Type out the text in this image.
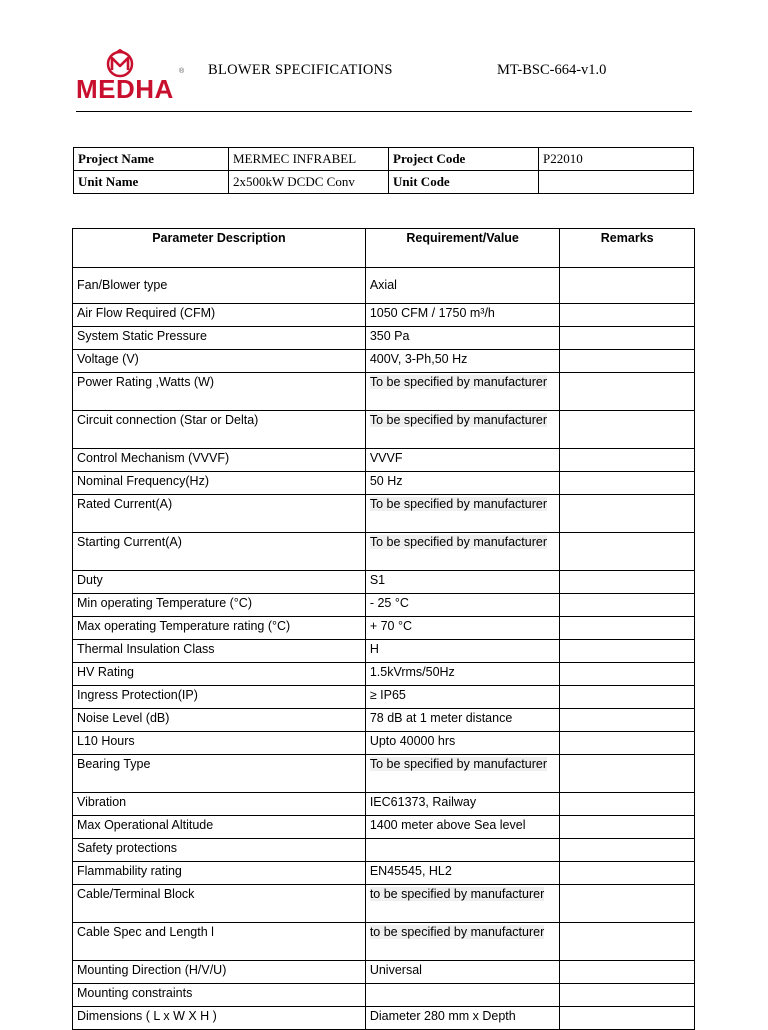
®
MEDHA
BLOWER SPECIFICATIONS	MT-BSC-664-v1.0
Project Name	MERMEC INFRABEL	Project Code	P22010
Unit Name	2x500kW DCDC Conv	Unit Code	
Parameter Description	Requirement/Value	Remarks
Fan/Blower type	Axial	
Air Flow Required (CFM)	1050 CFM / 1750 m³/h	
System Static Pressure	350 Pa	
Voltage (V)	400V, 3-Ph,50 Hz	
Power Rating ,Watts (W)	To be specified by manufacturer	
Circuit connection (Star or Delta)	To be specified by manufacturer	
Control Mechanism (VVVF)	VVVF	
Nominal Frequency(Hz)	50 Hz	
Rated Current(A)	To be specified by manufacturer	
Starting Current(A)	To be specified by manufacturer	
Duty	S1	
Min operating Temperature (°C)	- 25 °C	
Max operating Temperature rating (°C)	+ 70 °C	
Thermal Insulation Class	H	
HV Rating	1.5kVrms/50Hz	
Ingress Protection(IP)	≥ IP65	
Noise Level (dB)	78 dB at 1 meter distance	
L10 Hours	Upto 40000 hrs	
Bearing Type	To be specified by manufacturer	
Vibration	IEC61373, Railway	
Max Operational Altitude	1400 meter above Sea level	
Safety protections		
Flammability rating	EN45545, HL2	
Cable/Terminal Block	to be specified by manufacturer	
Cable Spec and Length l	to be specified by manufacturer	
Mounting Direction (H/V/U)	Universal	
Mounting constraints		
Dimensions ( L x W X H )	Diameter 280 mm x Depth	
